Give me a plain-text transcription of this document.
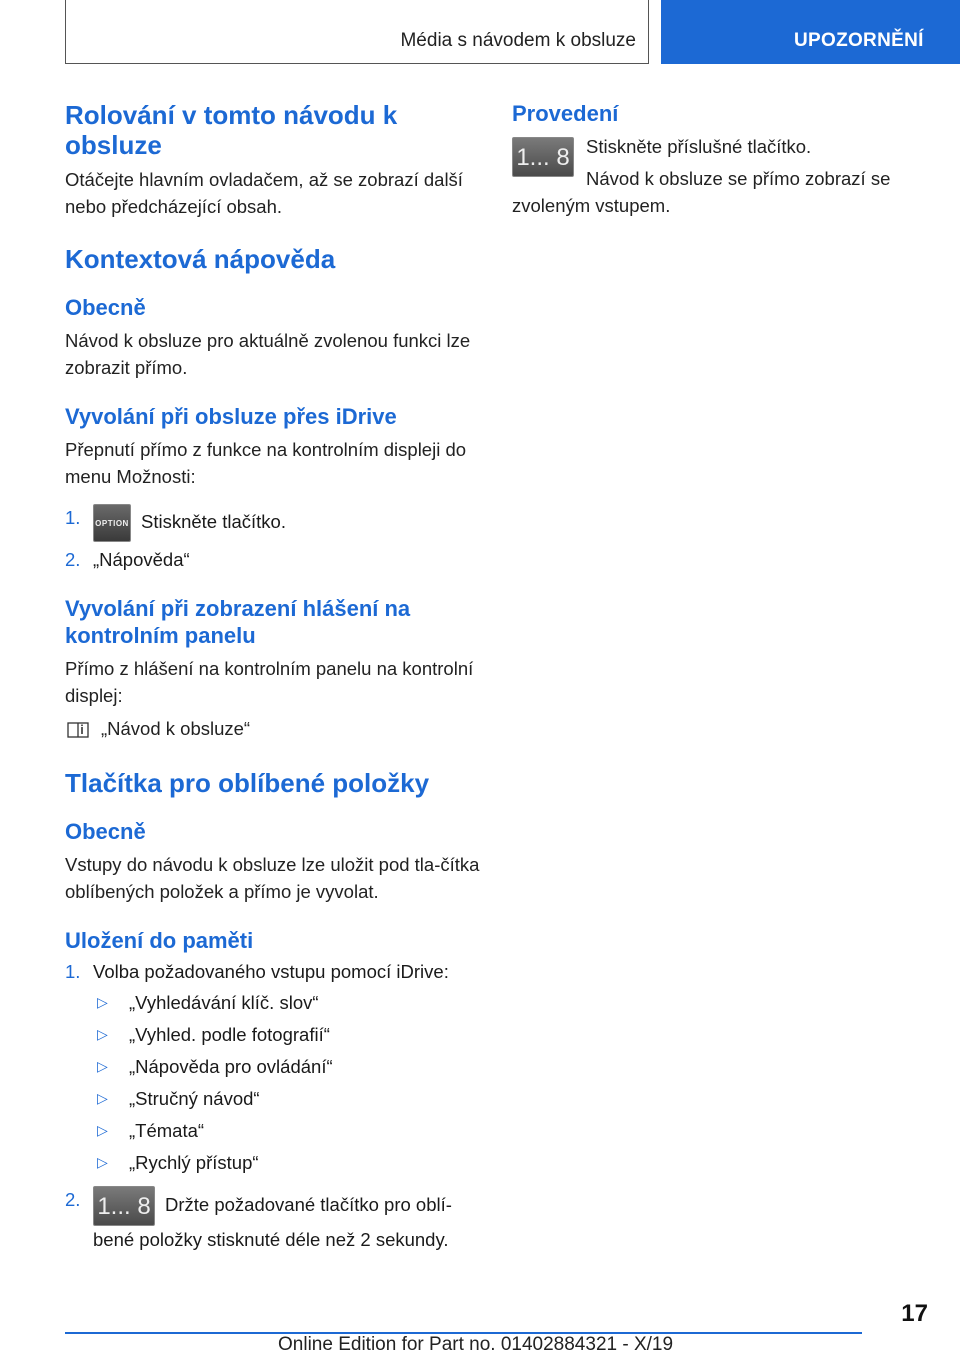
Média s návodem k obsluze	UPOZORNĚNÍ
Rolování v tomto návodu k obsluze

Otáčejte hlavním ovladačem, až se zobrazí další nebo předcházející obsah.

Kontextová nápověda
Obecně

Návod k obsluze pro aktuálně zvolenou funkci lze zobrazit přímo.

Vyvolání při obsluze přes iDrive

Přepnutí přímo z funkce na kontrolním displeji do menu Možnosti:

1. OPTION Stiskněte tlačítko.
2. „Nápověda“
Vyvolání při zobrazení hlášení na kontrolním panelu

Přímo z hlášení na kontrolním panelu na kontrolní displej:

„Návod k obsluze“

Tlačítka pro oblíbené položky
Obecně

Vstupy do návodu k obsluze lze uložit pod tla-čítka oblíbených položek a přímo je vyvolat.

Uložení do paměti
1. Volba požadovaného vstupu pomocí iDrive:
▷ „Vyhledávání klíč. slov“
▷ „Vyhled. podle fotografií“
▷ „Nápověda pro ovládání“
▷ „Stručný návod“
▷ „Témata“
▷ „Rychlý přístup“
2. 1... 8 Držte požadované tlačítko pro oblí-bené položky stisknuté déle než 2 sekundy.
Provedení
1... 8 Stiskněte příslušné tlačítko.

Návod k obsluze se přímo zobrazí se zvoleným vstupem.

17
Online Edition for Part no. 01402884321 - X/19
